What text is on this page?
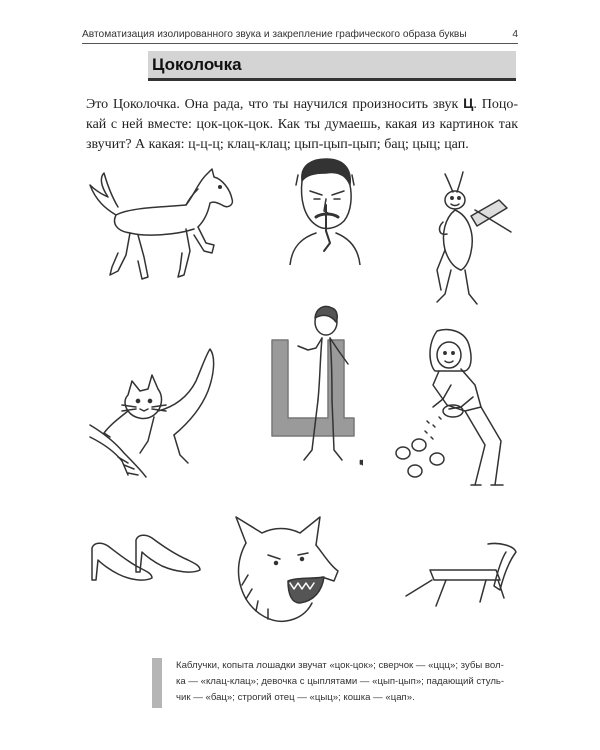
Автоматизация изолированного звука и закрепление графического образа буквы	4
Цоколочка
Это Цоколочка. Она рада, что ты научился произносить звук Ц. Поцо-кай с ней вместе: цок-цок-цок. Как ты думаешь, какая из картинок так звучит? А какая: ц-ц-ц; клац-клац; цып-цып-цып; бац; цыц; цап.
Ц
Каблучки, копыта лошадки звучат «цок-цок»; сверчок — «ццц»; зубы вол-
ка — «клац-клац»; девочка с цыплятами — «цып-цып»; падающий стуль-
чик — «бац»; строгий отец — «цыц»; кошка — «цап».
